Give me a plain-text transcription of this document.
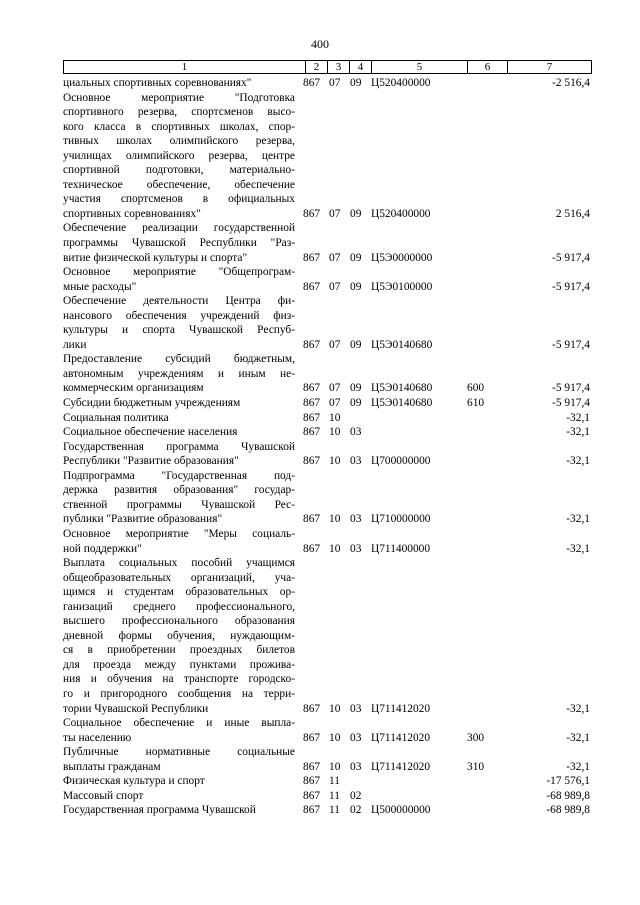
400
1	2	3	4	5	6	7
циальных спортивных соревнованиях"	867 07 09 Ц520400000	-2 516,4
Основное мероприятие "Подготовка
спортивного резерва, спортсменов высо-
кого класса в спортивных школах, спор-
тивных школах олимпийского резерва,
училищах олимпийского резерва, центре
спортивной подготовки, материально-
техническое обеспечение, обеспечение
участия спортсменов в официальных
спортивных соревнованиях"	867 07 09 Ц520400000	2 516,4
Обеспечение реализации государственной
программы Чувашской Республики "Раз-
витие физической культуры и спорта"	867 07 09 Ц5Э0000000	-5 917,4
Основное мероприятие "Общепрограм-
мные расходы"	867 07 09 Ц5Э0100000	-5 917,4
Обеспечение деятельности Центра фи-
нансового обеспечения учреждений физ-
культуры и спорта Чувашской Респуб-
лики	867 07 09 Ц5Э0140680	-5 917,4
Предоставление субсидий бюджетным,
автономным учреждениям и иным не-
коммерческим организациям	867 07 09 Ц5Э0140680	600	-5 917,4
Субсидии бюджетным учреждениям	867 07 09 Ц5Э0140680	610	-5 917,4
Социальная политика	867 10	-32,1
Социальное обеспечение населения	867 10 03	-32,1
Государственная программа Чувашской
Республики "Развитие образования"	867 10 03 Ц700000000	-32,1
Подпрограмма "Государственная под-
держка развития образования" государ-
ственной программы Чувашской Рес-
публики "Развитие образования"	867 10 03 Ц710000000	-32,1
Основное мероприятие "Меры социаль-
ной поддержки"	867 10 03 Ц711400000	-32,1
Выплата социальных пособий учащимся
общеобразовательных организаций, уча-
щимся и студентам образовательных ор-
ганизаций среднего профессионального,
высшего профессионального образования
дневной формы обучения, нуждающим-
ся в приобретении проездных билетов
для проезда между пунктами прожива-
ния и обучения на транспорте городско-
го и пригородного сообщения на терри-
тории Чувашской Республики	867 10 03 Ц711412020	-32,1
Социальное обеспечение и иные выпла-
ты населению	867 10 03 Ц711412020	300	-32,1
Публичные нормативные социальные
выплаты гражданам	867 10 03 Ц711412020	310	-32,1
Физическая культура и спорт	867 11	-17 576,1
Массовый спорт	867 11 02	-68 989,8
Государственная программа Чувашской	867 11 02 Ц500000000	-68 989,8
